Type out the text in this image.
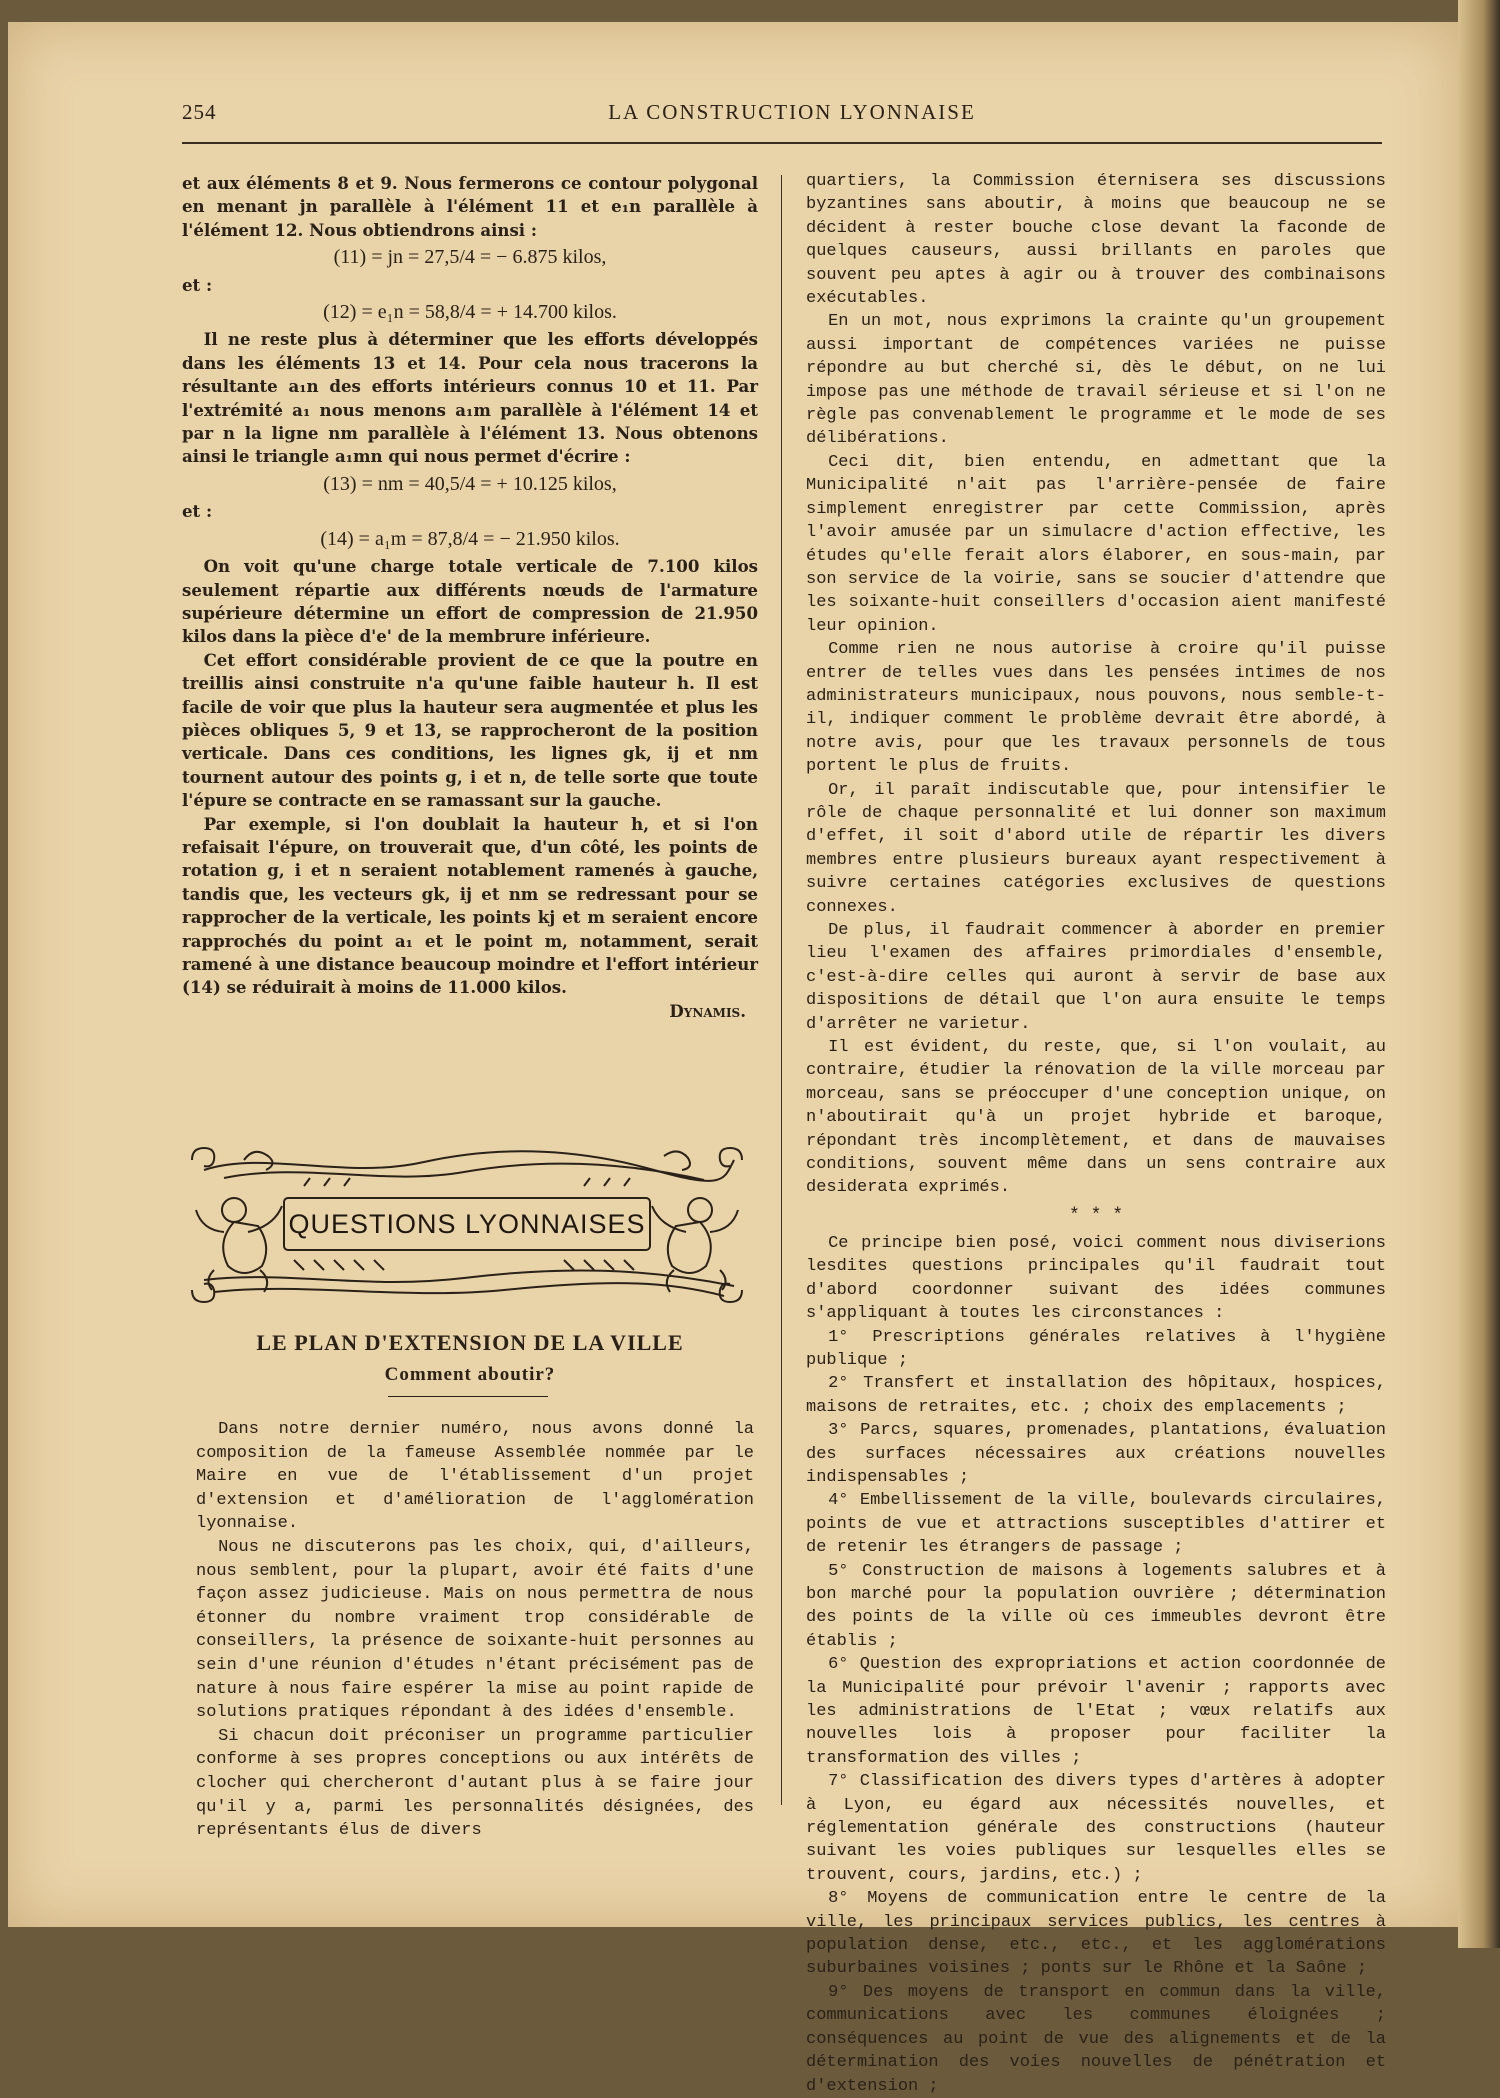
254	LA CONSTRUCTION LYONNAISE

et aux éléments 8 et 9. Nous fermerons ce contour polygonal en menant jn parallèle à l'élément 11 et e₁n parallèle à l'élément 12. Nous obtiendrons ainsi :

(11) = jn = 27,5/4 = − 6.875 kilos,

et :

(12) = e₁n = 58,8/4 = + 14.700 kilos.

Il ne reste plus à déterminer que les efforts développés dans les éléments 13 et 14. Pour cela nous tracerons la résultante a₁n des efforts intérieurs connus 10 et 11. Par l'extrémité a₁ nous menons a₁m parallèle à l'élément 14 et par n la ligne nm parallèle à l'élément 13. Nous obtenons ainsi le triangle a₁mn qui nous permet d'écrire :

(13) = nm = 40,5/4 = + 10.125 kilos,

et :

(14) = a₁m = 87,8/4 = − 21.950 kilos.

On voit qu'une charge totale verticale de 7.100 kilos seulement répartie aux différents nœuds de l'armature supérieure détermine un effort de compression de 21.950 kilos dans la pièce d'e' de la membrure inférieure.

Cet effort considérable provient de ce que la poutre en treillis ainsi construite n'a qu'une faible hauteur h. Il est facile de voir que plus la hauteur sera augmentée et plus les pièces obliques 5, 9 et 13, se rapprocheront de la position verticale. Dans ces conditions, les lignes gk, ij et nm tournent autour des points g, i et n, de telle sorte que toute l'épure se contracte en se ramassant sur la gauche.

Par exemple, si l'on doublait la hauteur h, et si l'on refaisait l'épure, on trouverait que, d'un côté, les points de rotation g, i et n seraient notablement ramenés à gauche, tandis que, les vecteurs gk, ij et nm se redressant pour se rapprocher de la verticale, les points kj et m seraient encore rapprochés du point a₁ et le point m, notamment, serait ramené à une distance beaucoup moindre et l'effort intérieur (14) se réduirait à moins de 11.000 kilos.

Dynamis.
QUESTIONS LYONNAISES
LE PLAN D'EXTENSION DE LA VILLE
Comment aboutir?

Dans notre dernier numéro, nous avons donné la composition de la fameuse Assemblée nommée par le Maire en vue de l'établissement d'un projet d'extension et d'amélioration de l'agglomération lyonnaise.

Nous ne discuterons pas les choix, qui, d'ailleurs, nous semblent, pour la plupart, avoir été faits d'une façon assez judicieuse. Mais on nous permettra de nous étonner du nombre vraiment trop considérable de conseillers, la présence de soixante-huit personnes au sein d'une réunion d'études n'étant précisément pas de nature à nous faire espérer la mise au point rapide de solutions pratiques répondant à des idées d'ensemble.

Si chacun doit préconiser un programme particulier conforme à ses propres conceptions ou aux intérêts de clocher qui chercheront d'autant plus à se faire jour qu'il y a, parmi les personnalités désignées, des représentants élus de divers

quartiers, la Commission éternisera ses discussions byzantines sans aboutir, à moins que beaucoup ne se décident à rester bouche close devant la faconde de quelques causeurs, aussi brillants en paroles que souvent peu aptes à agir ou à trouver des combinaisons exécutables.

En un mot, nous exprimons la crainte qu'un groupement aussi important de compétences variées ne puisse répondre au but cherché si, dès le début, on ne lui impose pas une méthode de travail sérieuse et si l'on ne règle pas convenablement le programme et le mode de ses délibérations.

Ceci dit, bien entendu, en admettant que la Municipalité n'ait pas l'arrière-pensée de faire simplement enregistrer par cette Commission, après l'avoir amusée par un simulacre d'action effective, les études qu'elle ferait alors élaborer, en sous-main, par son service de la voirie, sans se soucier d'attendre que les soixante-huit conseillers d'occasion aient manifesté leur opinion.

Comme rien ne nous autorise à croire qu'il puisse entrer de telles vues dans les pensées intimes de nos administrateurs municipaux, nous pouvons, nous semble-t-il, indiquer comment le problème devrait être abordé, à notre avis, pour que les travaux personnels de tous portent le plus de fruits.

Or, il paraît indiscutable que, pour intensifier le rôle de chaque personnalité et lui donner son maximum d'effet, il soit d'abord utile de répartir les divers membres entre plusieurs bureaux ayant respectivement à suivre certaines catégories exclusives de questions connexes.

De plus, il faudrait commencer à aborder en premier lieu l'examen des affaires primordiales d'ensemble, c'est-à-dire celles qui auront à servir de base aux dispositions de détail que l'on aura ensuite le temps d'arrêter ne varietur.

Il est évident, du reste, que, si l'on voulait, au contraire, étudier la rénovation de la ville morceau par morceau, sans se préoccuper d'une conception unique, on n'aboutirait qu'à un projet hybride et baroque, répondant très incomplètement, et dans de mauvaises conditions, souvent même dans un sens contraire aux desiderata exprimés.

* * *

Ce principe bien posé, voici comment nous diviserions lesdites questions principales qu'il faudrait tout d'abord coordonner suivant des idées communes s'appliquant à toutes les circonstances :

1° Prescriptions générales relatives à l'hygiène publique ;

2° Transfert et installation des hôpitaux, hospices, maisons de retraites, etc. ; choix des emplacements ;

3° Parcs, squares, promenades, plantations, évaluation des surfaces nécessaires aux créations nouvelles indispensables ;

4° Embellissement de la ville, boulevards circulaires, points de vue et attractions susceptibles d'attirer et de retenir les étrangers de passage ;

5° Construction de maisons à logements salubres et à bon marché pour la population ouvrière ; détermination des points de la ville où ces immeubles devront être établis ;

6° Question des expropriations et action coordonnée de la Municipalité pour prévoir l'avenir ; rapports avec les administrations de l'Etat ; vœux relatifs aux nouvelles lois à proposer pour faciliter la transformation des villes ;

7° Classification des divers types d'artères à adopter à Lyon, eu égard aux nécessités nouvelles, et réglementation générale des constructions (hauteur suivant les voies publiques sur lesquelles elles se trouvent, cours, jardins, etc.) ;

8° Moyens de communication entre le centre de la ville, les principaux services publics, les centres à population dense, etc., etc., et les agglomérations suburbaines voisines ; ponts sur le Rhône et la Saône ;

9° Des moyens de transport en commun dans la ville, communications avec les communes éloignées ; conséquences au point de vue des alignements et de la détermination des voies nouvelles de pénétration et d'extension ;
